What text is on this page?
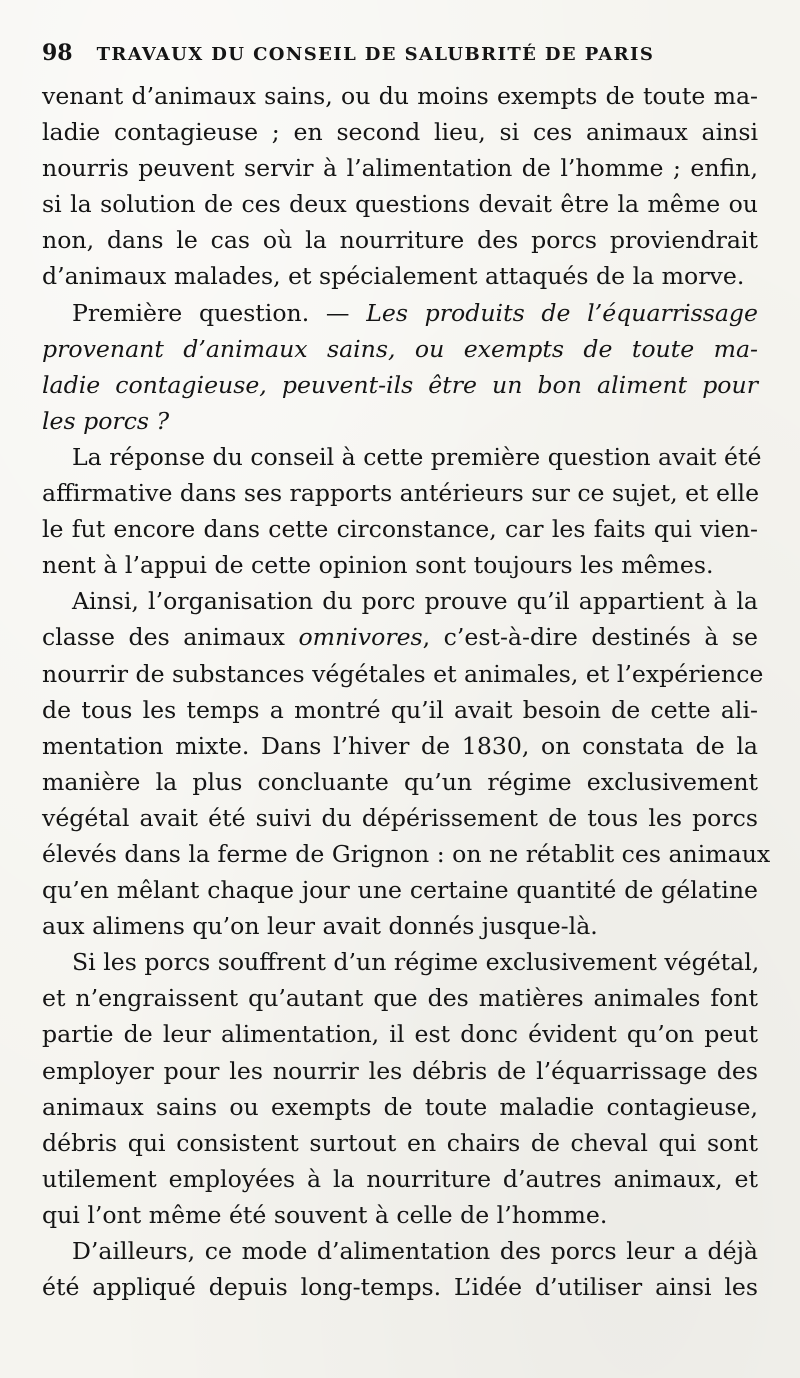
98 TRAVAUX DU CONSEIL DE SALUBRITÉ DE PARIS
venant d’animaux sains, ou du moins exempts de toute ma-
ladie contagieuse ; en second lieu, si ces animaux ainsi
nourris peuvent servir à l’alimentation de l’homme ; enfin,
si la solution de ces deux questions devait être la même ou
non, dans le cas où la nourriture des porcs proviendrait
d’animaux malades, et spécialement attaqués de la morve.
Première question. — Les produits de l’équarrissage
provenant d’animaux sains, ou exempts de toute ma-
ladie contagieuse, peuvent-ils être un bon aliment pour
les porcs ?
La réponse du conseil à cette première question avait été
affirmative dans ses rapports antérieurs sur ce sujet, et elle
le fut encore dans cette circonstance, car les faits qui vien-
nent à l’appui de cette opinion sont toujours les mêmes.
Ainsi, l’organisation du porc prouve qu’il appartient à la
classe des animaux omnivores, c’est-à-dire destinés à se
nourrir de substances végétales et animales, et l’expérience
de tous les temps a montré qu’il avait besoin de cette ali-
mentation mixte. Dans l’hiver de 1830, on constata de la
manière la plus concluante qu’un régime exclusivement
végétal avait été suivi du dépérissement de tous les porcs
élevés dans la ferme de Grignon : on ne rétablit ces animaux
qu’en mêlant chaque jour une certaine quantité de gélatine
aux alimens qu’on leur avait donnés jusque-là.
Si les porcs souffrent d’un régime exclusivement végétal,
et n’engraissent qu’autant que des matières animales font
partie de leur alimentation, il est donc évident qu’on peut
employer pour les nourrir les débris de l’équarrissage des
animaux sains ou exempts de toute maladie contagieuse,
débris qui consistent surtout en chairs de cheval qui sont
utilement employées à la nourriture d’autres animaux, et
qui l’ont même été souvent à celle de l’homme.
D’ailleurs, ce mode d’alimentation des porcs leur a déjà
été appliqué depuis long-temps. L’idée d’utiliser ainsi les
